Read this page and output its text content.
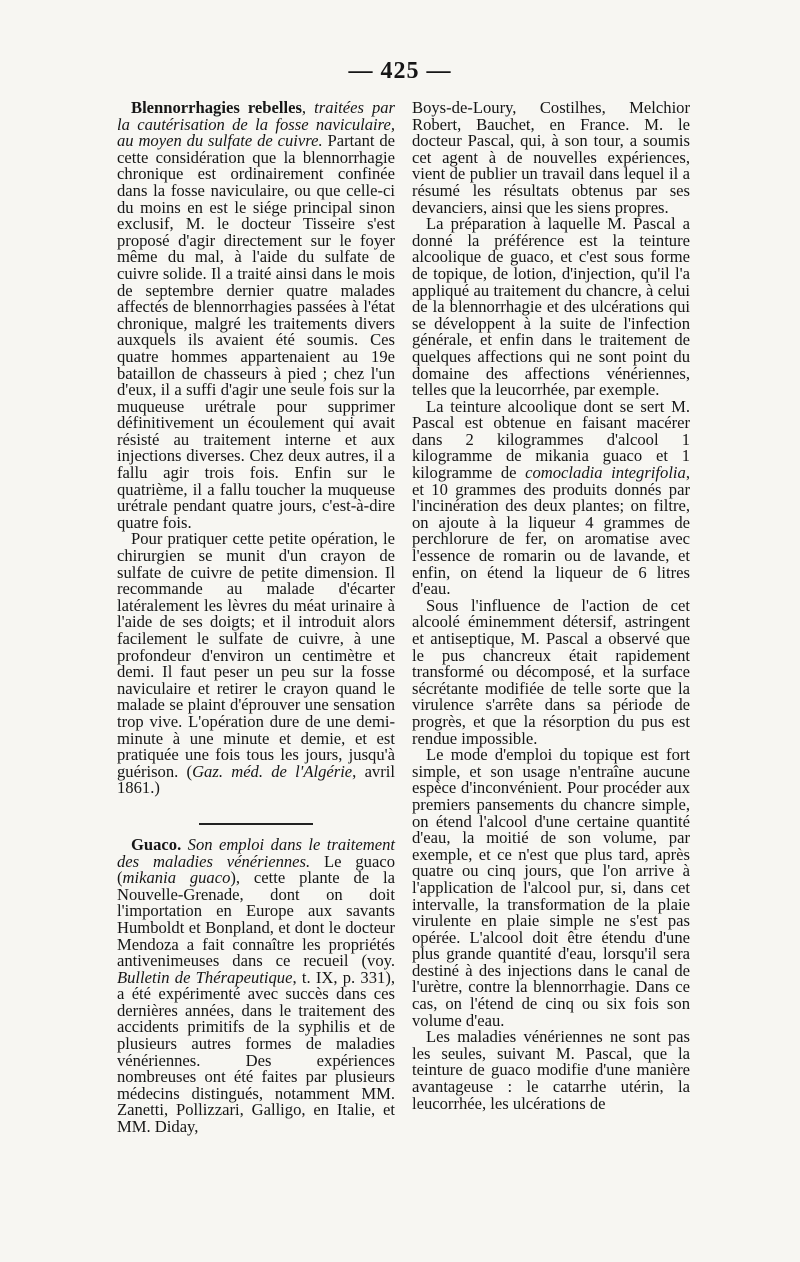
— 425 —

Blennorrhagies rebelles, traitées par la cautérisation de la fosse naviculaire, au moyen du sulfate de cuivre. Partant de cette considération que la blennorrhagie chronique est ordinairement confinée dans la fosse naviculaire, ou que celle-ci du moins en est le siége principal sinon exclusif, M. le docteur Tisseire s'est proposé d'agir directement sur le foyer même du mal, à l'aide du sulfate de cuivre solide. Il a traité ainsi dans le mois de septembre dernier quatre malades affectés de blennorrhagies passées à l'état chronique, malgré les traitements divers auxquels ils avaient été soumis. Ces quatre hommes appartenaient au 19e bataillon de chasseurs à pied ; chez l'un d'eux, il a suffi d'agir une seule fois sur la muqueuse urétrale pour supprimer définitivement un écoulement qui avait résisté au traitement interne et aux injections diverses. Chez deux autres, il a fallu agir trois fois. Enfin sur le quatrième, il a fallu toucher la muqueuse urétrale pendant quatre jours, c'est-à-dire quatre fois.

Pour pratiquer cette petite opération, le chirurgien se munit d'un crayon de sulfate de cuivre de petite dimension. Il recommande au malade d'écarter latéralement les lèvres du méat urinaire à l'aide de ses doigts; et il introduit alors facilement le sulfate de cuivre, à une profondeur d'environ un centimètre et demi. Il faut peser un peu sur la fosse naviculaire et retirer le crayon quand le malade se plaint d'éprouver une sensation trop vive. L'opération dure de une demi-minute à une minute et demie, et est pratiquée une fois tous les jours, jusqu'à guérison. (Gaz. méd. de l'Algérie, avril 1861.)

Guaco. Son emploi dans le traitement des maladies vénériennes. Le guaco (mikania guaco), cette plante de la Nouvelle-Grenade, dont on doit l'importation en Europe aux savants Humboldt et Bonpland, et dont le docteur Mendoza a fait connaître les propriétés antivenimeuses dans ce recueil (voy. Bulletin de Thérapeutique, t. IX, p. 331), a été expérimenté avec succès dans ces dernières années, dans le traitement des accidents primitifs de la syphilis et de plusieurs autres formes de maladies vénériennes. Des expériences nombreuses ont été faites par plusieurs médecins distingués, notamment MM. Zanetti, Pollizzari, Galligo, en Italie, et MM. Diday,

Boys-de-Loury, Costilhes, Melchior Robert, Bauchet, en France. M. le docteur Pascal, qui, à son tour, a soumis cet agent à de nouvelles expériences, vient de publier un travail dans lequel il a résumé les résultats obtenus par ses devanciers, ainsi que les siens propres.

La préparation à laquelle M. Pascal a donné la préférence est la teinture alcoolique de guaco, et c'est sous forme de topique, de lotion, d'injection, qu'il l'a appliqué au traitement du chancre, à celui de la blennorrhagie et des ulcérations qui se développent à la suite de l'infection générale, et enfin dans le traitement de quelques affections qui ne sont point du domaine des affections vénériennes, telles que la leucorrhée, par exemple.

La teinture alcoolique dont se sert M. Pascal est obtenue en faisant macérer dans 2 kilogrammes d'alcool 1 kilogramme de mikania guaco et 1 kilogramme de comocladia integrifolia, et 10 grammes des produits donnés par l'incinération des deux plantes; on filtre, on ajoute à la liqueur 4 grammes de perchlorure de fer, on aromatise avec l'essence de romarin ou de lavande, et enfin, on étend la liqueur de 6 litres d'eau.

Sous l'influence de l'action de cet alcoolé éminemment détersif, astringent et antiseptique, M. Pascal a observé que le pus chancreux était rapidement transformé ou décomposé, et la surface sécrétante modifiée de telle sorte que la virulence s'arrête dans sa période de progrès, et que la résorption du pus est rendue impossible.

Le mode d'emploi du topique est fort simple, et son usage n'entraîne aucune espèce d'inconvénient. Pour procéder aux premiers pansements du chancre simple, on étend l'alcool d'une certaine quantité d'eau, la moitié de son volume, par exemple, et ce n'est que plus tard, après quatre ou cinq jours, que l'on arrive à l'application de l'alcool pur, si, dans cet intervalle, la transformation de la plaie virulente en plaie simple ne s'est pas opérée. L'alcool doit être étendu d'une plus grande quantité d'eau, lorsqu'il sera destiné à des injections dans le canal de l'urètre, contre la blennorrhagie. Dans ce cas, on l'étend de cinq ou six fois son volume d'eau.

Les maladies vénériennes ne sont pas les seules, suivant M. Pascal, que la teinture de guaco modifie d'une manière avantageuse : le catarrhe utérin, la leucorrhée, les ulcérations de
